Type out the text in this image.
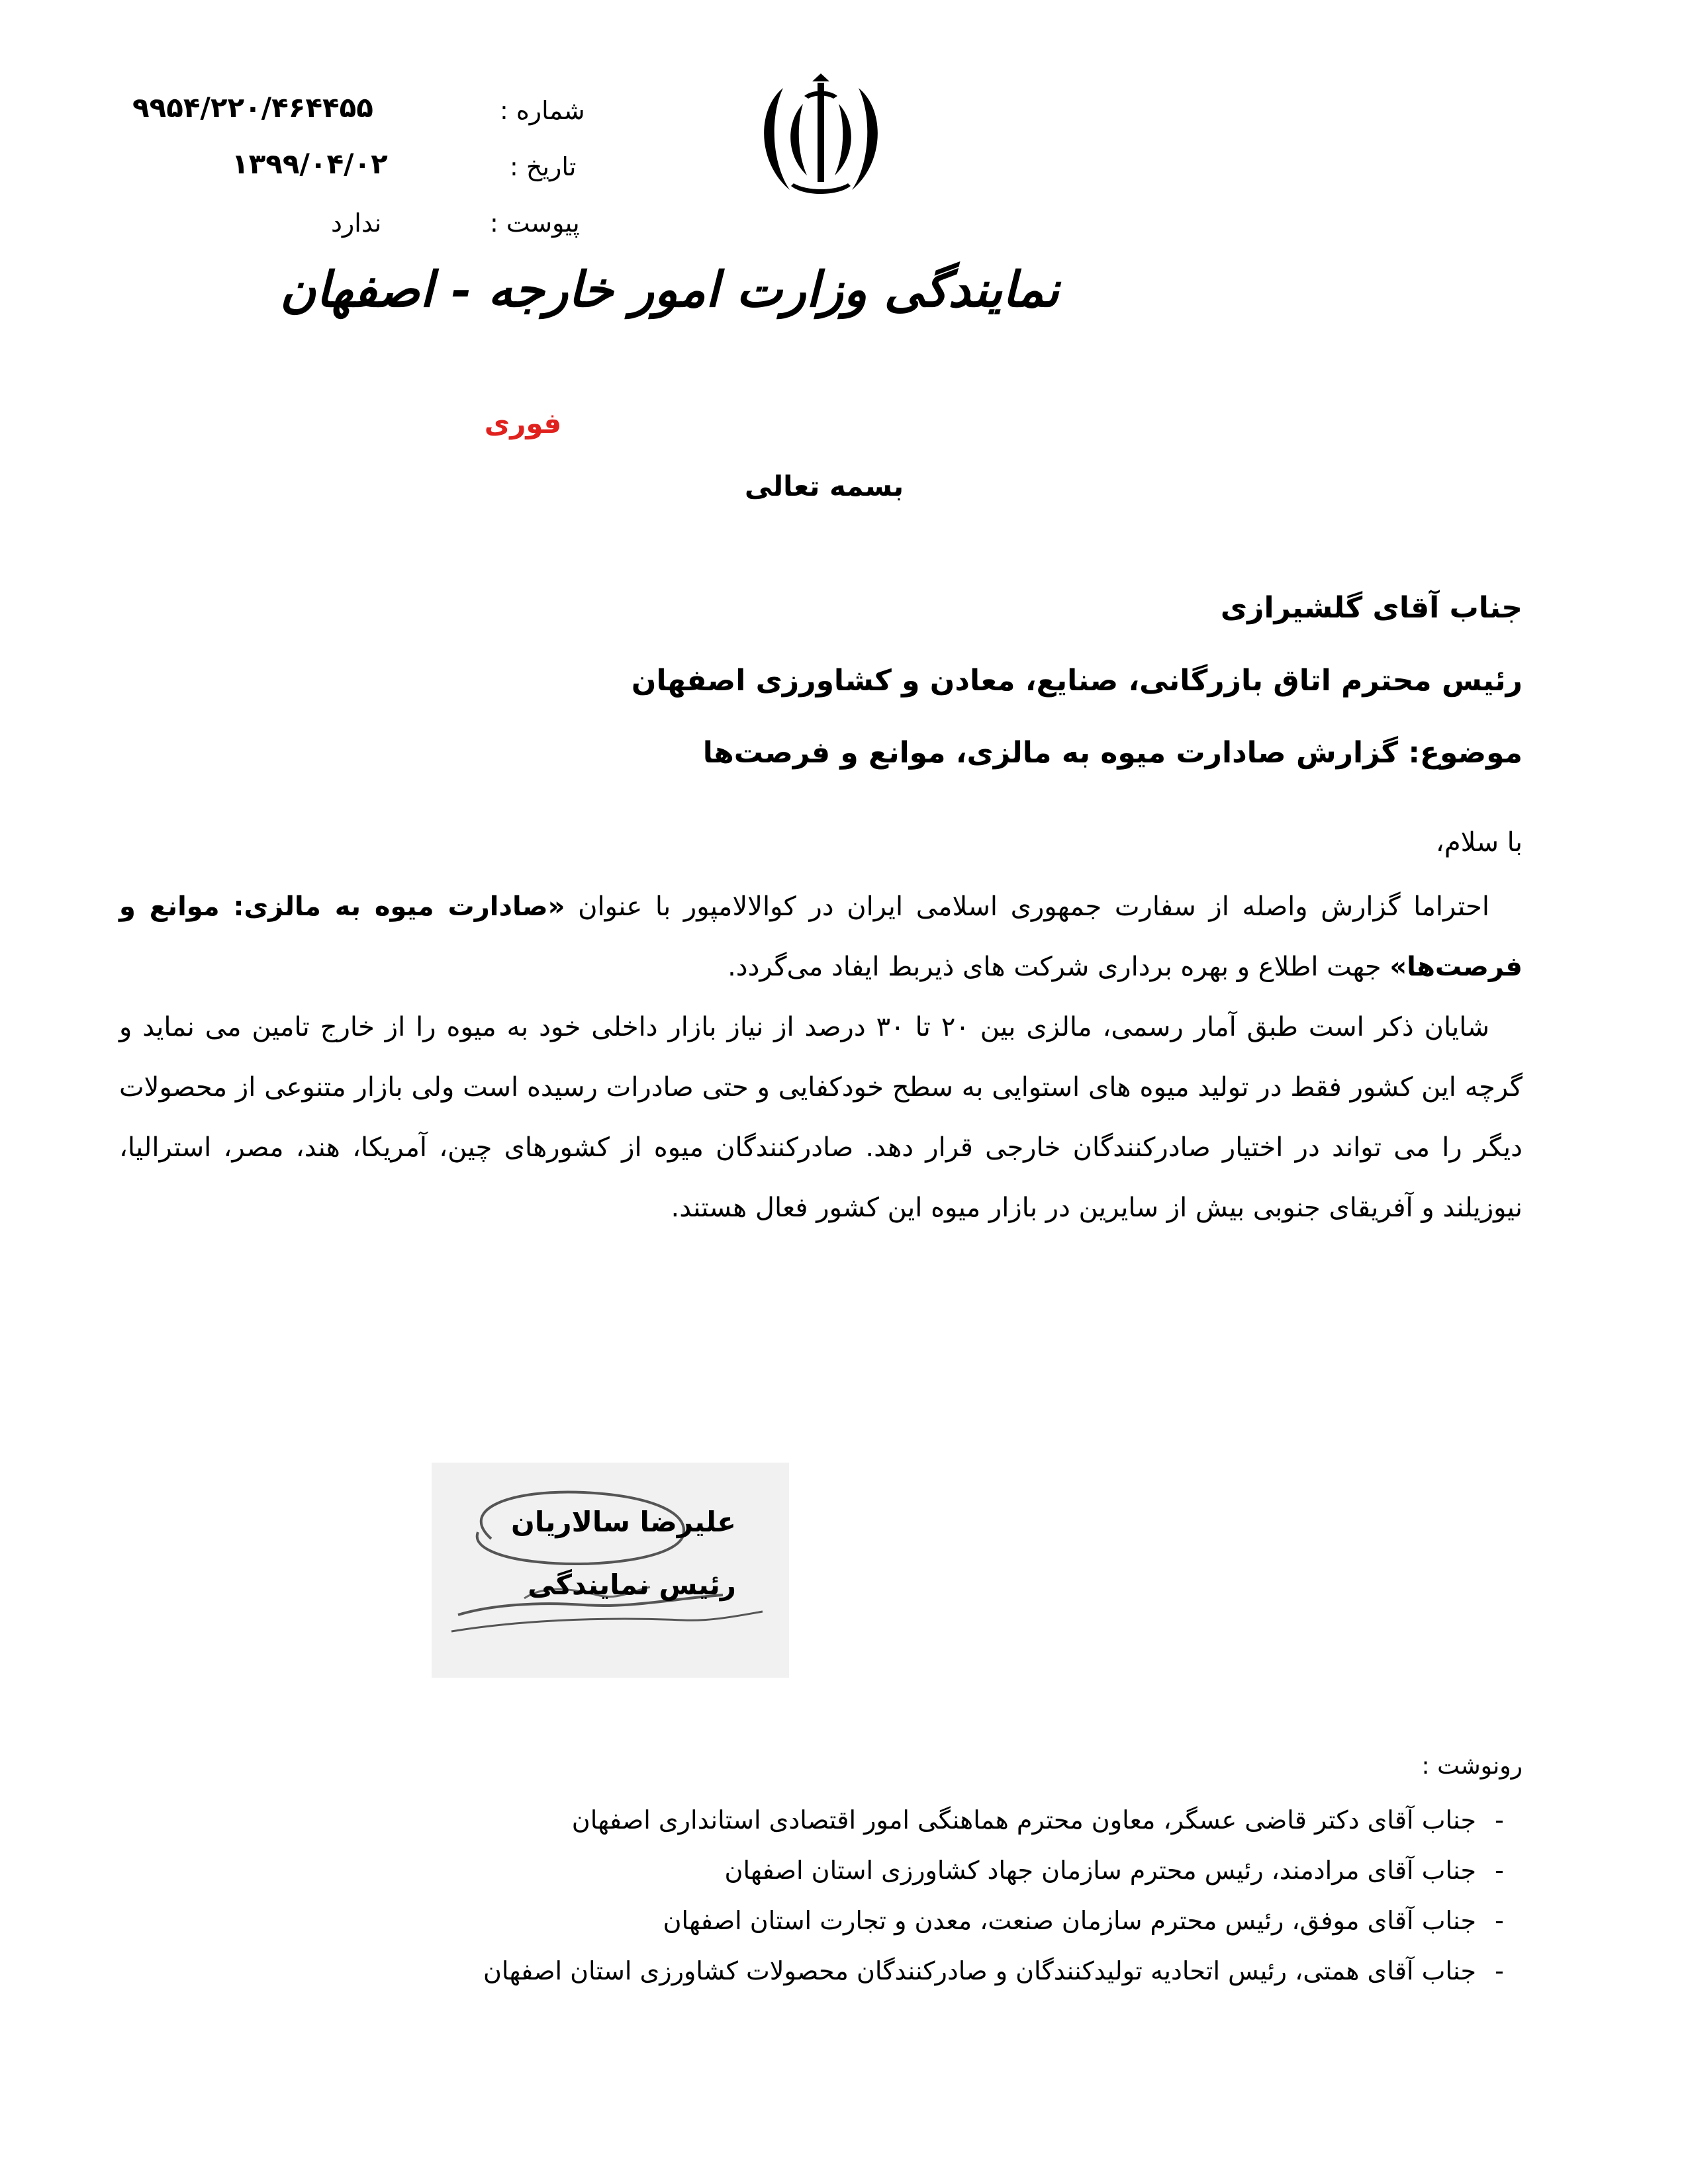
شماره :
۹۹۵۴/۲۲۰/۴۶۴۴۵۵
تاریخ :
۱۳۹۹/۰۴/۰۲
پیوست :
ندارد
نمایندگی وزارت امور خارجه - اصفهان
فوری
بسمه تعالی
جناب آقای گلشیرازی
رئیس محترم اتاق بازرگانی، صنایع، معادن و کشاورزی اصفهان
موضوع: گزارش صادارت میوه به مالزی، موانع و فرصت‌ها
با سلام،

احتراما گزارش واصله از سفارت جمهوری اسلامی ایران در کوالالامپور با عنوان «صادارت میوه به مالزی: موانع و فرصت‌ها» جهت اطلاع و بهره برداری شرکت های ذیربط ایفاد می‌گردد.

شایان ذکر است طبق آمار رسمی، مالزی بین ۲۰ تا ۳۰ درصد از نیاز بازار داخلی خود به میوه را از خارج تامین می نماید و گرچه این کشور فقط در تولید میوه های استوایی به سطح خودکفایی و حتی صادرات رسیده است ولی بازار متنوعی از محصولات دیگر را می تواند در اختیار صادرکنندگان خارجی قرار دهد. صادرکنندگان میوه از کشورهای چین، آمریکا، هند، مصر، استرالیا، نیوزیلند و آفریقای جنوبی بیش از سایرین در بازار میوه این کشور فعال هستند.

علیرضا سالاریان
رئیس نمایندگی
رونوشت :
-جناب آقای دکتر قاضی عسگر، معاون محترم هماهنگی امور اقتصادی استانداری اصفهان
-جناب آقای مرادمند، رئیس محترم سازمان جهاد کشاورزی استان اصفهان
-جناب آقای موفق، رئیس محترم سازمان صنعت، معدن و تجارت استان اصفهان
-جناب آقای همتی، رئیس اتحادیه تولیدکنندگان و صادرکنندگان محصولات کشاورزی استان اصفهان
